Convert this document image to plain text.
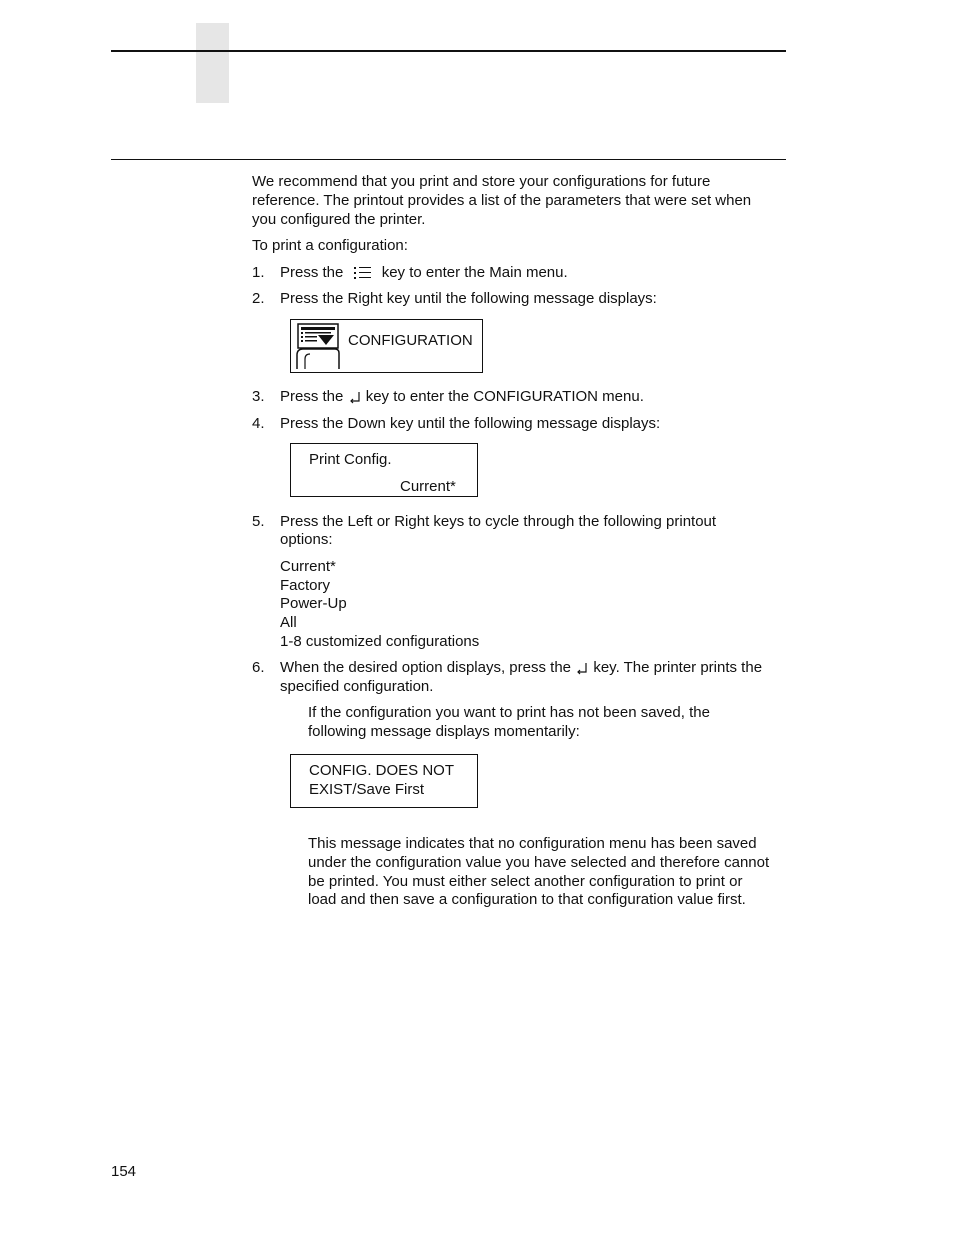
We recommend that you print and store your configurations for future
reference. The printout provides a list of the parameters that were set when
you configured the printer.
To print a configuration:
1. Press the	key to enter the Main menu.
2. Press the Right key until the following message displays:
CONFIGURATION
3. Press the key to enter the CONFIGURATION menu.
4. Press the Down key until the following message displays:
Print Config.
Current*
5. Press the Left or Right keys to cycle through the following printout
options:
Current*
Factory
Power-Up
All
1-8 customized configurations
6. When the desired option displays, press the key. The printer prints the
specified configuration.
If the configuration you want to print has not been saved, the
following message displays momentarily:
CONFIG. DOES NOT
EXIST/Save First
This message indicates that no configuration menu has been saved
under the configuration value you have selected and therefore cannot
be printed. You must either select another configuration to print or
load and then save a configuration to that configuration value first.
154
